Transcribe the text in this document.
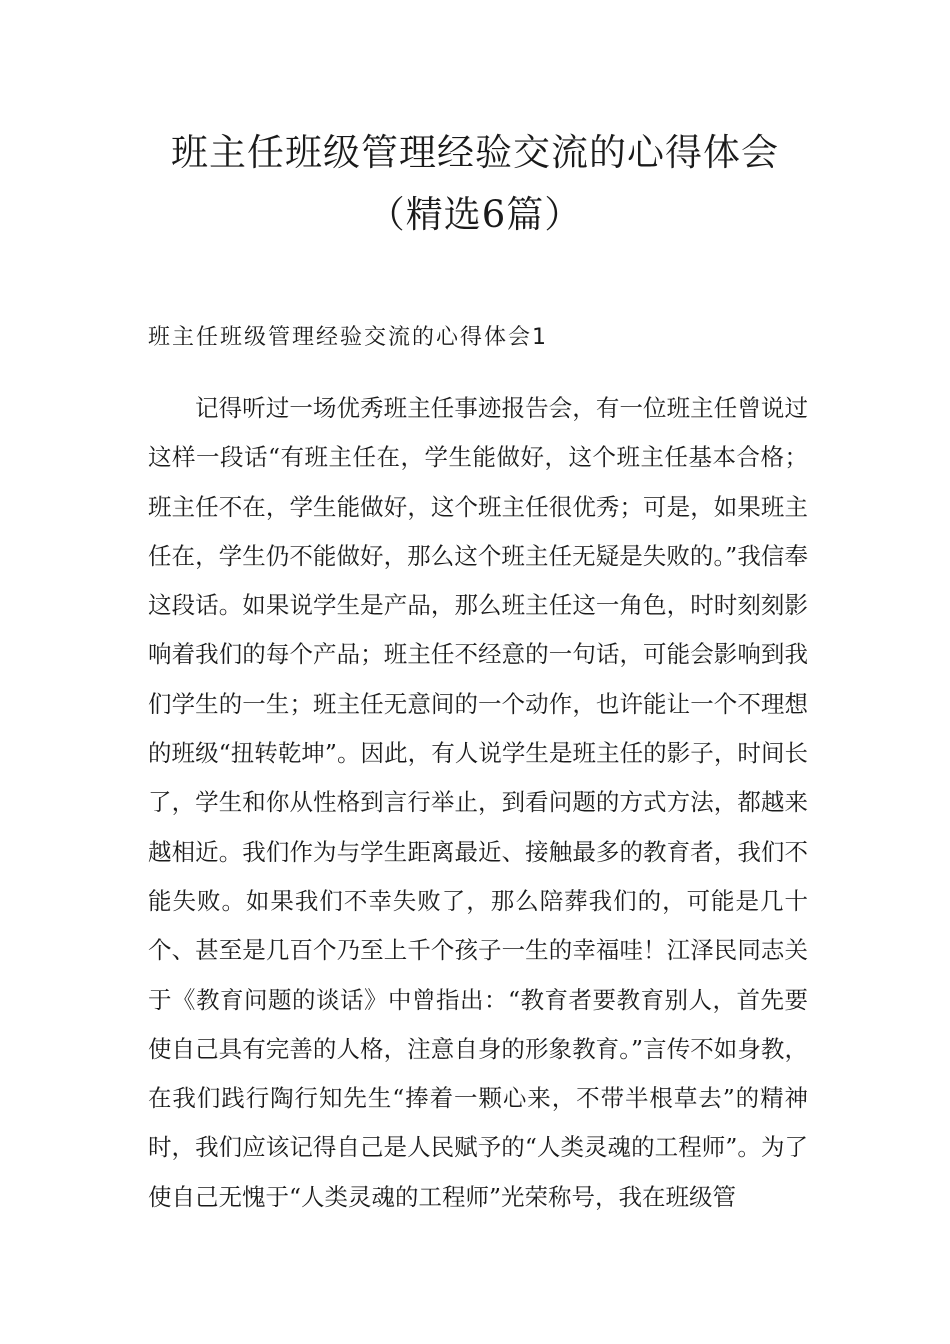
班主任班级管理经验交流的心得体会（精选6篇）
班主任班级管理经验交流的心得体会1

记得听过一场优秀班主任事迹报告会，有一位班主任曾说过这样一段话“有班主任在，学生能做好，这个班主任基本合格；班主任不在，学生能做好，这个班主任很优秀；可是，如果班主任在，学生仍不能做好，那么这个班主任无疑是失败的。”我信奉这段话。如果说学生是产品，那么班主任这一角色，时时刻刻影响着我们的每个产品；班主任不经意的一句话，可能会影响到我们学生的一生；班主任无意间的一个动作，也许能让一个不理想的班级“扭转乾坤”。因此，有人说学生是班主任的影子，时间长了，学生和你从性格到言行举止，到看问题的方式方法，都越来越相近。我们作为与学生距离最近、接触最多的教育者，我们不能失败。如果我们不幸失败了，那么陪葬我们的，可能是几十个、甚至是几百个乃至上千个孩子一生的幸福哇！江泽民同志关于《教育问题的谈话》中曾指出：“教育者要教育别人，首先要使自己具有完善的人格，注意自身的形象教育。”言传不如身教，在我们践行陶行知先生“捧着一颗心来，不带半根草去”的精神时，我们应该记得自己是人民赋予的“人类灵魂的工程师”。为了使自己无愧于“人类灵魂的工程师”光荣称号，我在班级管
